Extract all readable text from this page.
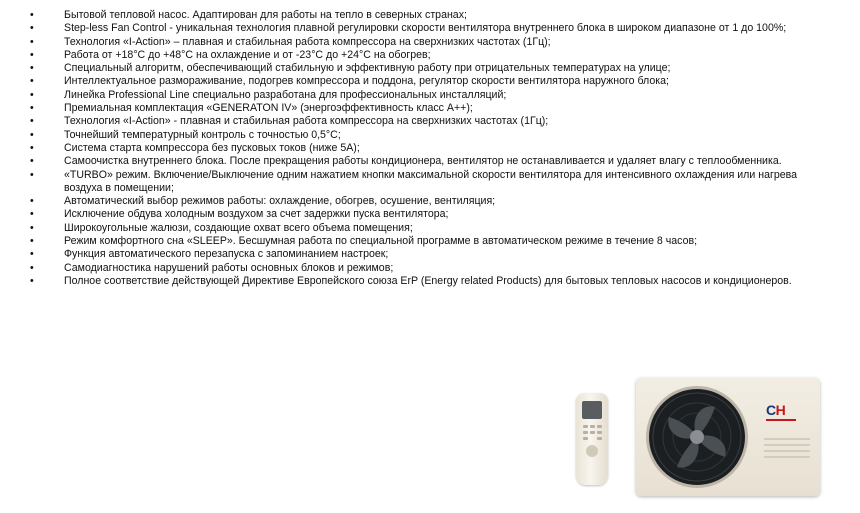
•	Бытовой тепловой насос. Адаптирован для работы на тепло в северных странах;
•	Step-less Fan Control - уникальная технология плавной регулировки скорости вентилятора внутреннего блока в широком диапазоне от 1 до 100%;
•	Технология «I-Action» – плавная и стабильная работа компрессора на сверхнизких частотах (1Гц);
•	Работа от +18°С до +48°С на охлаждение и от -23°С до +24°С на обогрев;
•	Специальный алгоритм, обеспечивающий стабильную и эффективную работу при отрицательных температурах на улице;
•	Интеллектуальное размораживание, подогрев компрессора и поддона, регулятор скорости вентилятора наружного блока;
•	Линейка Professional Line специально разработана для профессиональных инсталляций;
•	Премиальная комплектация «GENERATON IV» (энергоэффективность класс А++);
•	Технология «I-Action» - плавная и стабильная работа компрессора на сверхнизких частотах (1Гц);
•	Точнейший температурный контроль с точностью 0,5°С;
•	Система старта компрессора без пусковых токов (ниже 5А);
•	Самоочистка внутреннего блока. После прекращения работы кондиционера, вентилятор не останавливается и удаляет влагу с теплообменника.
•	«TURBO» режим. Включение/Выключение одним нажатием кнопки максимальной скорости вентилятора для интенсивного охлаждения или нагрева воздуха в помещении;
•	Автоматический выбор режимов работы: охлаждение, обогрев, осушение, вентиляция;
•	Исключение обдува холодным воздухом за счет задержки пуска вентилятора;
•	Широкоугольные жалюзи, создающие охват всего объема помещения;
•	Режим комфортного сна «SLEEP». Бесшумная работа по специальной программе в автоматическом режиме в течение 8 часов;
•	Функция автоматического перезапуска с запоминанием настроек;
•	Самодиагностика нарушений работы основных блоков и режимов;
•	Полное соответствие действующей Директиве Европейского союза ErP (Energy related Products) для бытовых тепловых насосов и кондиционеров.
CH
